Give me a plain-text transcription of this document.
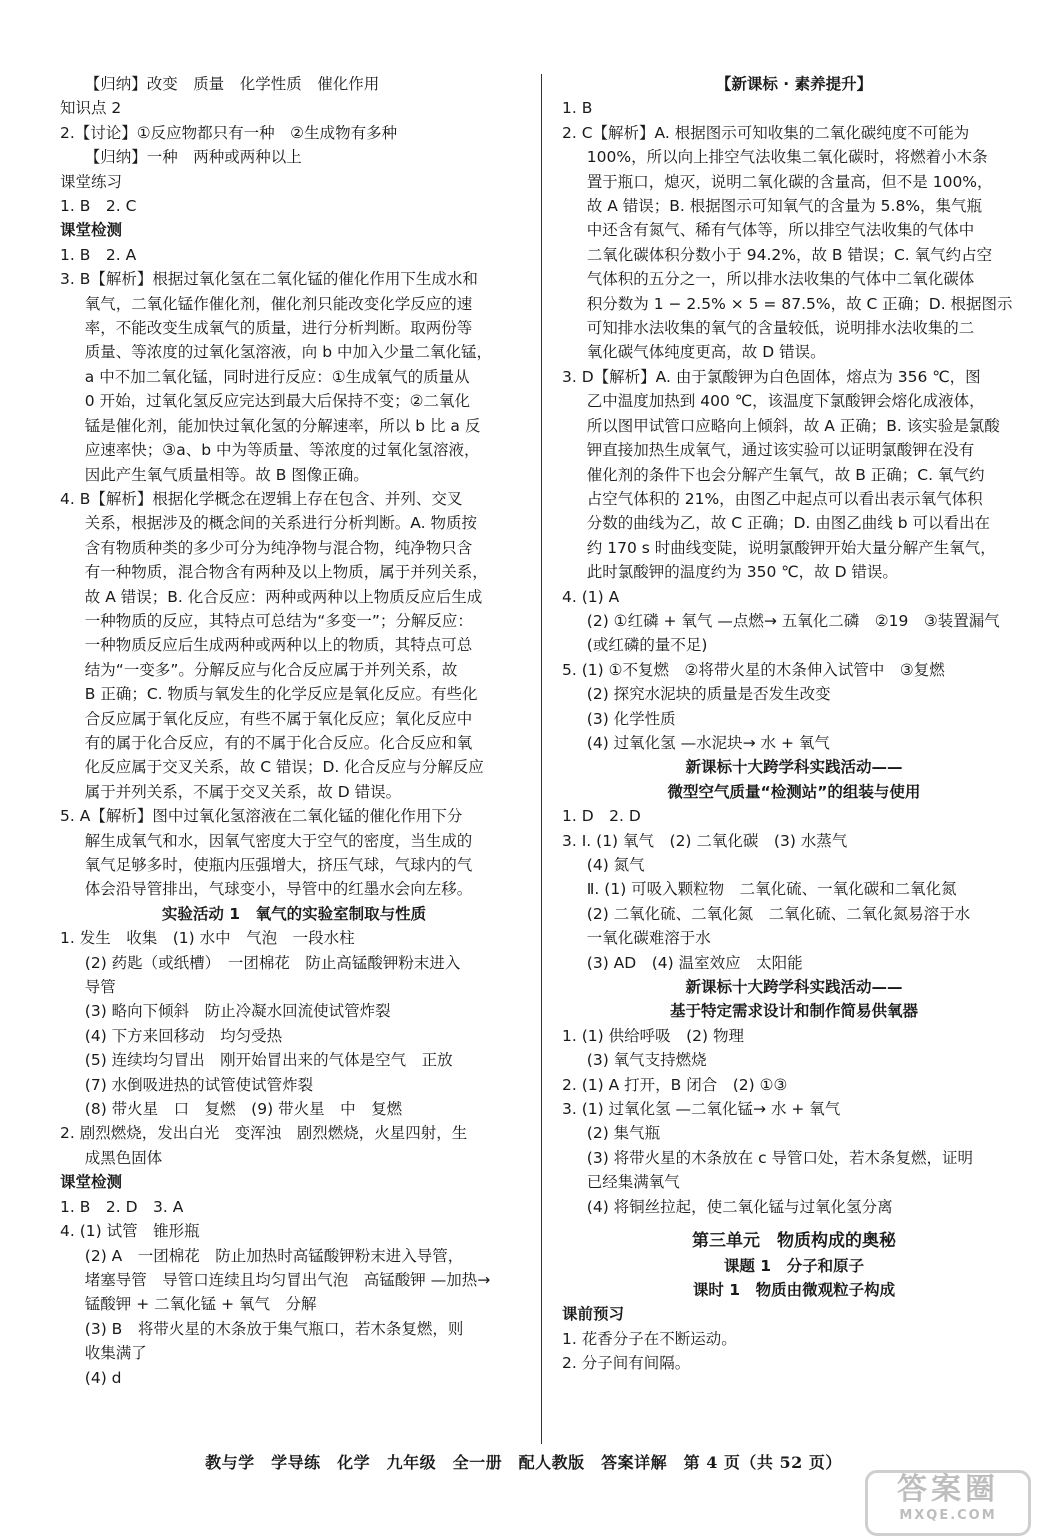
【归纳】改变　质量　化学性质　催化作用
知识点 2
2.【讨论】①反应物都只有一种　②生成物有多种
【归纳】一种　两种或两种以上
课堂练习
1. B　2. C
课堂检测
1. B　2. A
3. B【解析】根据过氧化氢在二氧化锰的催化作用下生成水和
氧气，二氧化锰作催化剂，催化剂只能改变化学反应的速
率，不能改变生成氧气的质量，进行分析判断。取两份等
质量、等浓度的过氧化氢溶液，向 b 中加入少量二氧化锰，
a 中不加二氧化锰，同时进行反应：①生成氧气的质量从
0 开始，过氧化氢反应完达到最大后保持不变；②二氧化
锰是催化剂，能加快过氧化氢的分解速率，所以 b 比 a 反
应速率快；③a、b 中为等质量、等浓度的过氧化氢溶液，
因此产生氧气质量相等。故 B 图像正确。
4. B【解析】根据化学概念在逻辑上存在包含、并列、交叉
关系，根据涉及的概念间的关系进行分析判断。A. 物质按
含有物质种类的多少可分为纯净物与混合物，纯净物只含
有一种物质，混合物含有两种及以上物质，属于并列关系，
故 A 错误；B. 化合反应：两种或两种以上物质反应后生成
一种物质的反应，其特点可总结为“多变一”；分解反应：
一种物质反应后生成两种或两种以上的物质，其特点可总
结为“一变多”。分解反应与化合反应属于并列关系，故
B 正确；C. 物质与氧发生的化学反应是氧化反应。有些化
合反应属于氧化反应，有些不属于氧化反应；氧化反应中
有的属于化合反应，有的不属于化合反应。化合反应和氧
化反应属于交叉关系，故 C 错误；D. 化合反应与分解反应
属于并列关系，不属于交叉关系，故 D 错误。
5. A【解析】图中过氧化氢溶液在二氧化锰的催化作用下分
解生成氧气和水，因氧气密度大于空气的密度，当生成的
氧气足够多时，使瓶内压强增大，挤压气球，气球内的气
体会沿导管排出，气球变小，导管中的红墨水会向左移。
实验活动 1　氧气的实验室制取与性质
1. 发生　收集　(1) 水中　气泡　一段水柱
(2) 药匙（或纸槽）　一团棉花　防止高锰酸钾粉末进入
导管
(3) 略向下倾斜　防止冷凝水回流使试管炸裂
(4) 下方来回移动　均匀受热
(5) 连续均匀冒出　刚开始冒出来的气体是空气　正放
(7) 水倒吸进热的试管使试管炸裂
(8) 带火星　口　复燃　(9) 带火星　中　复燃
2. 剧烈燃烧，发出白光　变浑浊　剧烈燃烧，火星四射，生
成黑色固体
课堂检测
1. B　2. D　3. A
4. (1) 试管　锥形瓶
(2) A　一团棉花　防止加热时高锰酸钾粉末进入导管，
堵塞导管　导管口连续且均匀冒出气泡　高锰酸钾 —加热→
锰酸钾 + 二氧化锰 + 氧气　分解
(3) B　将带火星的木条放于集气瓶口，若木条复燃，则
收集满了
(4) d
【新课标 · 素养提升】
1. B
2. C【解析】A. 根据图示可知收集的二氧化碳纯度不可能为
100%，所以向上排空气法收集二氧化碳时，将燃着小木条
置于瓶口，熄灭，说明二氧化碳的含量高，但不是 100%，
故 A 错误；B. 根据图示可知氧气的含量为 5.8%，集气瓶
中还含有氮气、稀有气体等，所以排空气法收集的气体中
二氧化碳体积分数小于 94.2%，故 B 错误；C. 氧气约占空
气体积的五分之一，所以排水法收集的气体中二氧化碳体
积分数为 1 − 2.5% × 5 = 87.5%，故 C 正确；D. 根据图示
可知排水法收集的氧气的含量较低，说明排水法收集的二
氧化碳气体纯度更高，故 D 错误。
3. D【解析】A. 由于氯酸钾为白色固体，熔点为 356 ℃，图
乙中温度加热到 400 ℃，该温度下氯酸钾会熔化成液体，
所以图甲试管口应略向上倾斜，故 A 正确；B. 该实验是氯酸
钾直接加热生成氧气，通过该实验可以证明氯酸钾在没有
催化剂的条件下也会分解产生氧气，故 B 正确；C. 氧气约
占空气体积的 21%，由图乙中起点可以看出表示氧气体积
分数的曲线为乙，故 C 正确；D. 由图乙曲线 b 可以看出在
约 170 s 时曲线变陡，说明氯酸钾开始大量分解产生氧气，
此时氯酸钾的温度约为 350 ℃，故 D 错误。
4. (1) A
(2) ①红磷 + 氧气 —点燃→ 五氧化二磷　②19　③装置漏气
(或红磷的量不足)
5. (1) ①不复燃　②将带火星的木条伸入试管中　③复燃
(2) 探究水泥块的质量是否发生改变
(3) 化学性质
(4) 过氧化氢 —水泥块→ 水 + 氧气
新课标十大跨学科实践活动——
微型空气质量“检测站”的组装与使用
1. D　2. D
3. Ⅰ. (1) 氧气　(2) 二氧化碳　(3) 水蒸气
(4) 氮气
Ⅱ. (1) 可吸入颗粒物　二氧化硫、一氧化碳和二氧化氮
(2) 二氧化硫、二氧化氮　二氧化硫、二氧化氮易溶于水
一氧化碳难溶于水
(3) AD　(4) 温室效应　太阳能
新课标十大跨学科实践活动——
基于特定需求设计和制作简易供氧器
1. (1) 供给呼吸　(2) 物理
(3) 氧气支持燃烧
2. (1) A 打开，B 闭合　(2) ①③
3. (1) 过氧化氢 —二氧化锰→ 水 + 氧气
(2) 集气瓶
(3) 将带火星的木条放在 c 导管口处，若木条复燃，证明
已经集满氧气
(4) 将铜丝拉起，使二氧化锰与过氧化氢分离
第三单元　物质构成的奥秘
课题 1　分子和原子
课时 1　物质由微观粒子构成
课前预习
1. 花香分子在不断运动。
2. 分子间有间隔。
教与学　学导练　化学　九年级　全一册　配人教版　答案详解　第 4 页（共 52 页）
答案圈
MXQE.COM
